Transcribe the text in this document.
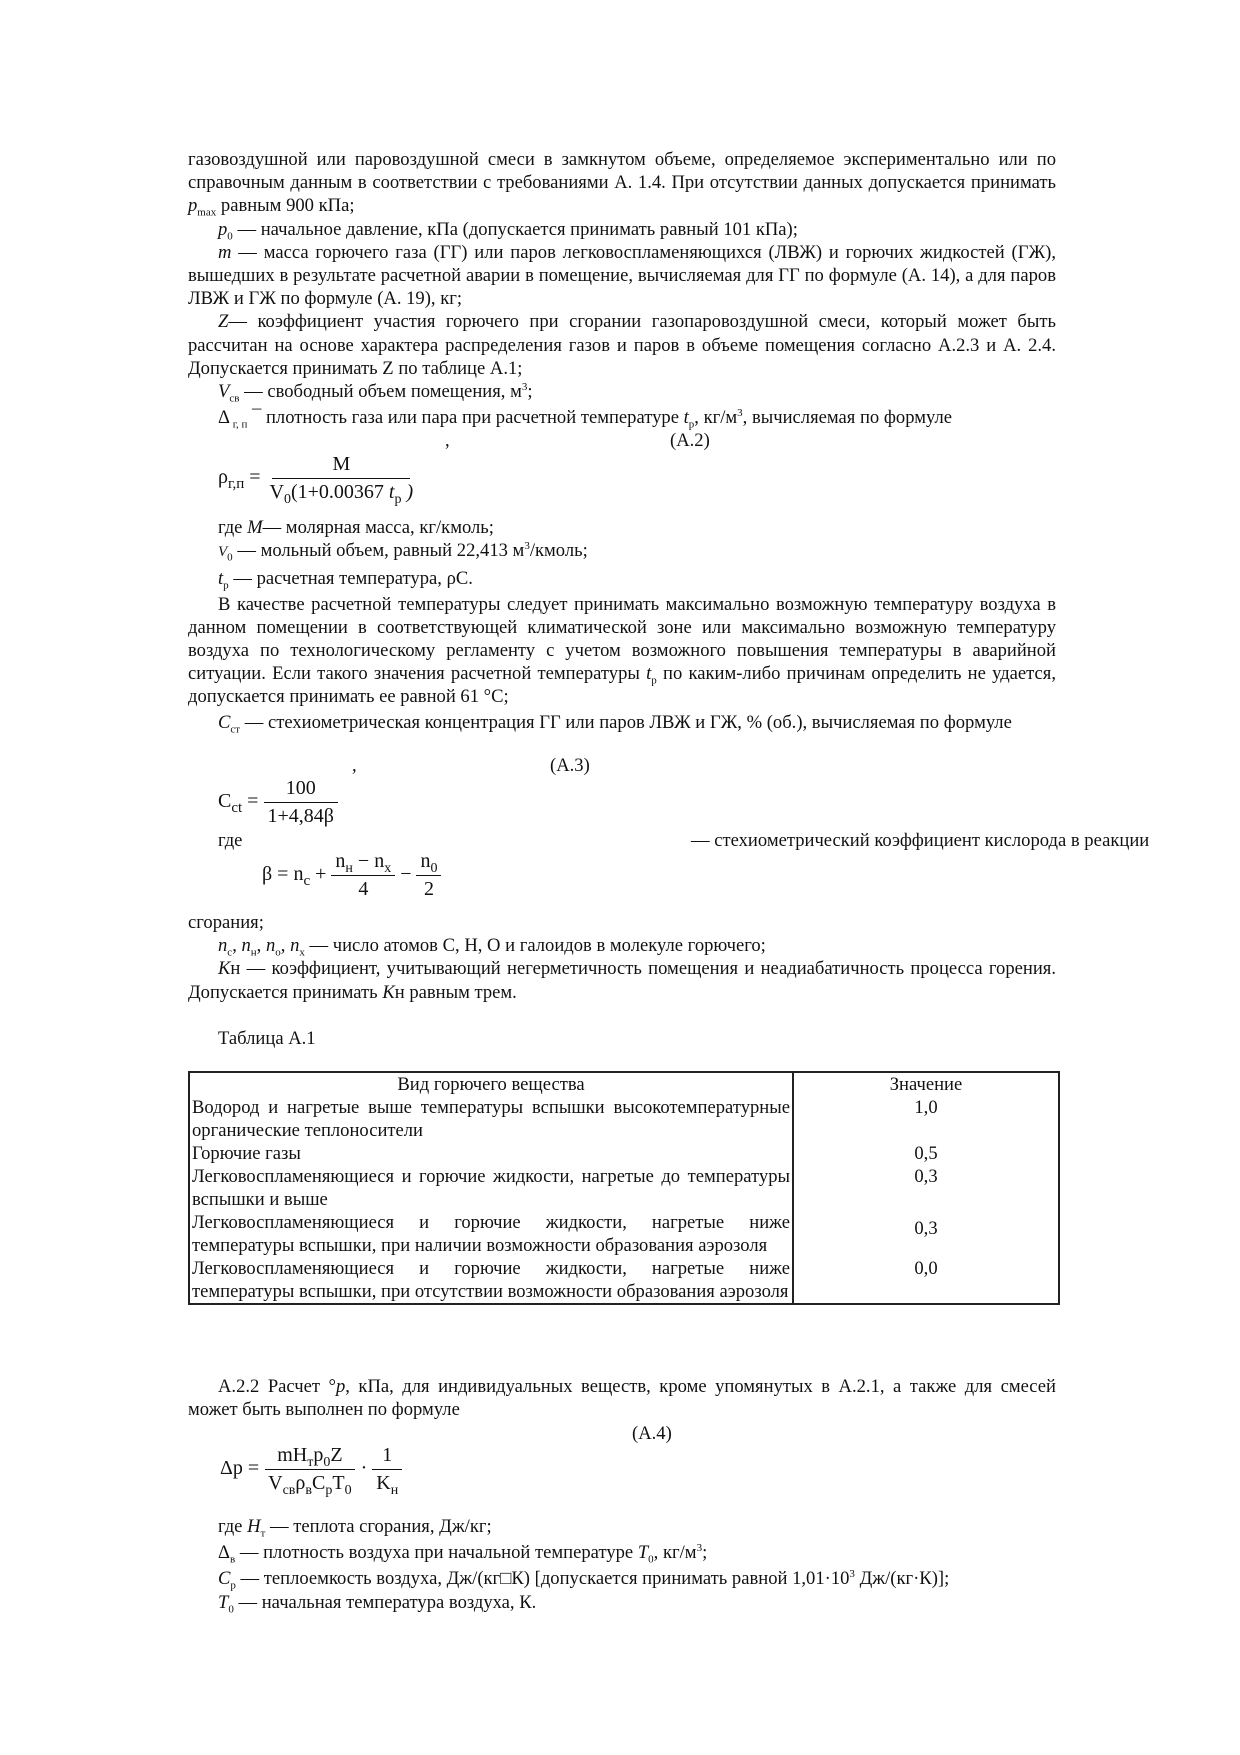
газовоздушной или паровоздушной смеси в замкнутом объеме, определяемое экспериментально или по справочным данным в соответствии с требованиями А. 1.4. При отсутствии данных допускается принимать $p_{max}$ равным 900 кПа;

$p_0$ — начальное давление, кПа (допускается принимать равный 101 кПа);

m — масса горючего газа (ГГ) или паров легковоспламеняющихся (ЛВЖ) и горючих жидкостей (ГЖ), вышедших в результате расчетной аварии в помещение, вычисляемая для ГГ по формуле (А. 14), а для паров ЛВЖ и ГЖ по формуле (А. 19), кг;

Z— коэффициент участия горючего при сгорании газопаровоздушной смеси, который может быть рассчитан на основе характера распределения газов и паров в объеме помещения согласно А.2.3 и А. 2.4. Допускается принимать Z по таблице А.1;

$V_{св}$ — свободный объем помещения, $м^3$;

Δ $_{г, п}$ ¯ плотность газа или пара при расчетной температуре $t_р$, $кг/м^3$, вычисляемая по формуле

,	(А.2)
$\rho_{г,п} = \frac{M}{V_0(1+0.00367 t_р )}$

где M— молярная масса, кг/кмоль;

$V_0$ — мольный объем, равный 22,413 $м^3$/кмоль;

$t_р$ — расчетная температура, ρС.

В качестве расчетной температуры следует принимать максимально возможную температуру воздуха в данном помещении в соответствующей климатической зоне или максимально возможную температуру воздуха по технологическому регламенту с учетом возможного повышения температуры в аварийной ситуации. Если такого значения расчетной температуры $t_р$ по каким-либо причинам определить не удается, допускается принимать ее равной 61 °С;

$C_{ст}$ — стехиометрическая концентрация ГГ или паров ЛВЖ и ГЖ, % (об.), вычисляемая по формуле

,	(А.3)
$C_{ct} = \frac{100}{1+4,84\beta}$
где	— стехиометрический коэффициент кислорода в реакции
$\beta = n_c + \frac{n_н - n_x}{4} - \frac{n_0}{2}$

сгорания;

$n_с$, $n_н$, $n_о$, $n_х$ — число атомов С, Н, О и галоидов в молекуле горючего;

Kн — коэффициент, учитывающий негерметичность помещения и неадиабатичность процесса горения. Допускается принимать Kн равным трем.

Таблица А.1

Вид горючего вещества	Значение
Водород и нагретые выше температуры вспышки высокотемпературные органические теплоносители	1,0
Горючие газы	0,5
Легковоспламеняющиеся и горючие жидкости, нагретые до температуры вспышки и выше	0,3
Легковоспламеняющиеся и горючие жидкости, нагретые ниже температуры вспышки, при наличии возможности образования аэрозоля	0,3
Легковоспламеняющиеся и горючие жидкости, нагретые ниже температуры вспышки, при отсутствии возможности образования аэрозоля	0,0

А.2.2 Расчет °p, кПа, для индивидуальных веществ, кроме упомянутых в А.2.1, а также для смесей может быть выполнен по формуле

(А.4)
$\Delta p = \frac{mH_тp_0Z}{V_{св}\rho_вC_рT_0} \cdot \frac{1}{K_н}$

где $H_т$ — теплота сгорания, Дж/кг;

$\Delta_в$ — плотность воздуха при начальной температуре $T_0$, $кг/м^3$;

$C_р$ — теплоемкость воздуха, Дж/(кг□К) [допускается принимать равной $1,01\cdot 10^3$ Дж/(кг·К)];

$T_0$ — начальная температура воздуха, К.
